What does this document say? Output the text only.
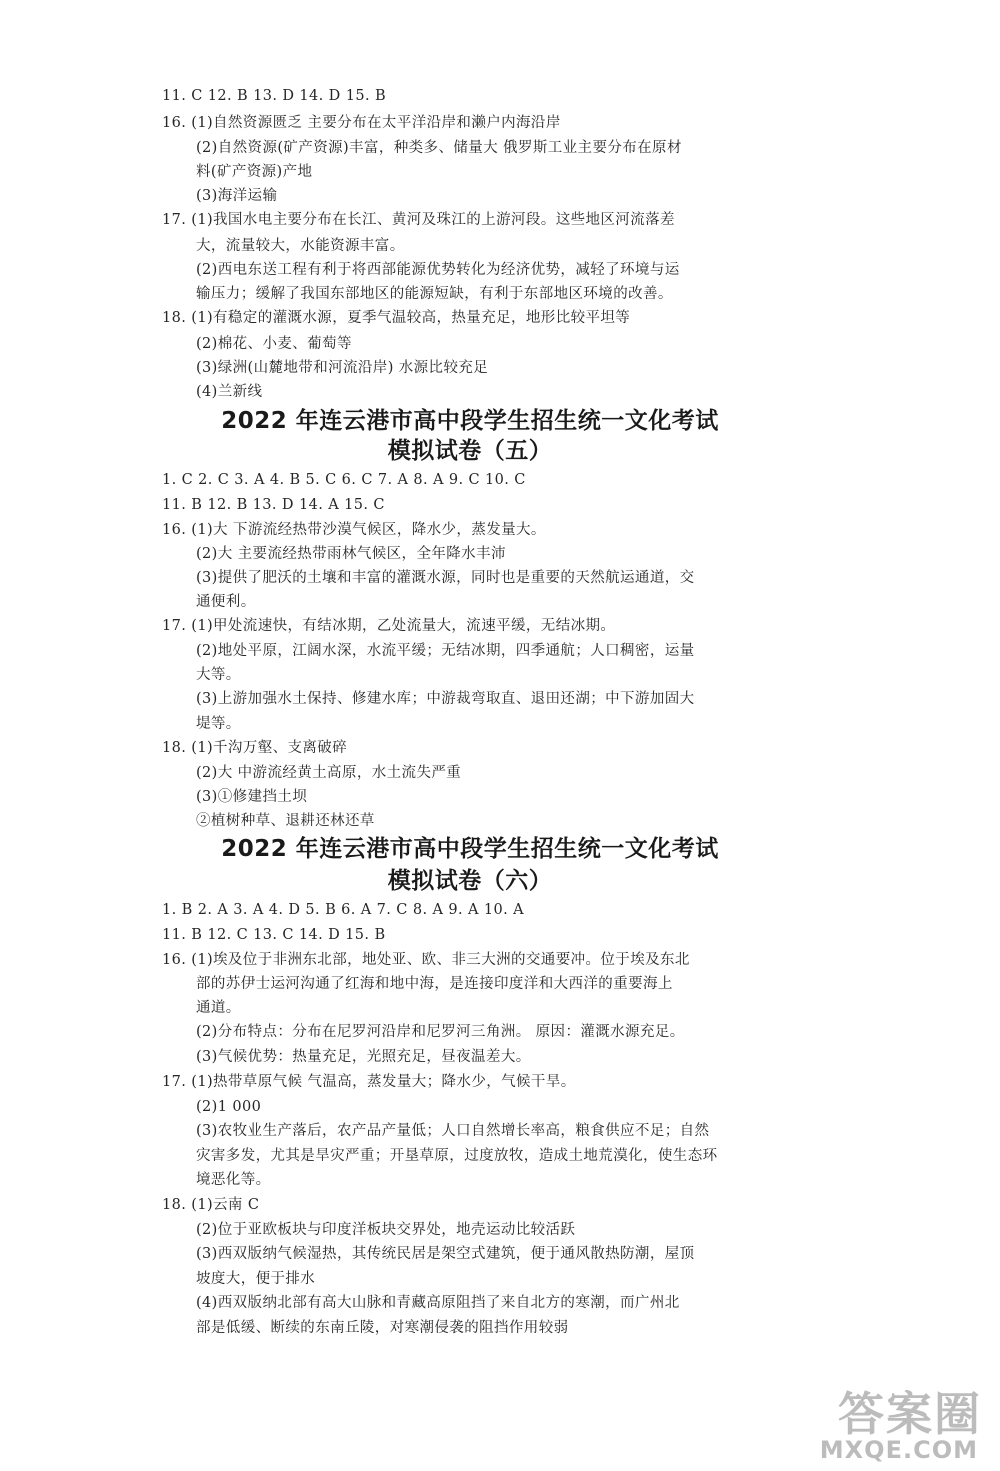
11. C 12. B 13. D 14. D 15. B
16. (1)自然资源匮乏 主要分布在太平洋沿岸和濑户内海沿岸
(2)自然资源(矿产资源)丰富，种类多、储量大 俄罗斯工业主要分布在原材
料(矿产资源)产地
(3)海洋运输
17. (1)我国水电主要分布在长江、黄河及珠江的上游河段。这些地区河流落差
大，流量较大，水能资源丰富。
(2)西电东送工程有利于将西部能源优势转化为经济优势，减轻了环境与运
输压力；缓解了我国东部地区的能源短缺，有利于东部地区环境的改善。
18. (1)有稳定的灌溉水源，夏季气温较高，热量充足，地形比较平坦等
(2)棉花、小麦、葡萄等
(3)绿洲(山麓地带和河流沿岸) 水源比较充足
(4)兰新线
2022 年连云港市高中段学生招生统一文化考试
模拟试卷（五）
1. C 2. C 3. A 4. B 5. C 6. C 7. A 8. A 9. C 10. C
11. B 12. B 13. D 14. A 15. C
16. (1)大 下游流经热带沙漠气候区，降水少，蒸发量大。
(2)大 主要流经热带雨林气候区，全年降水丰沛
(3)提供了肥沃的土壤和丰富的灌溉水源，同时也是重要的天然航运通道，交
通便利。
17. (1)甲处流速快，有结冰期，乙处流量大，流速平缓，无结冰期。
(2)地处平原，江阔水深，水流平缓；无结冰期，四季通航；人口稠密，运量
大等。
(3)上游加强水土保持、修建水库；中游裁弯取直、退田还湖；中下游加固大
堤等。
18. (1)千沟万壑、支离破碎
(2)大 中游流经黄土高原，水土流失严重
(3)①修建挡土坝
②植树种草、退耕还林还草
2022 年连云港市高中段学生招生统一文化考试
模拟试卷（六）
1. B 2. A 3. A 4. D 5. B 6. A 7. C 8. A 9. A 10. A
11. B 12. C 13. C 14. D 15. B
16. (1)埃及位于非洲东北部，地处亚、欧、非三大洲的交通要冲。位于埃及东北
部的苏伊士运河沟通了红海和地中海，是连接印度洋和大西洋的重要海上
通道。
(2)分布特点：分布在尼罗河沿岸和尼罗河三角洲。 原因：灌溉水源充足。
(3)气候优势：热量充足，光照充足，昼夜温差大。
17. (1)热带草原气候 气温高，蒸发量大；降水少，气候干旱。
(2)1 000
(3)农牧业生产落后，农产品产量低；人口自然增长率高，粮食供应不足；自然
灾害多发，尤其是旱灾严重；开垦草原，过度放牧，造成土地荒漠化，使生态环
境恶化等。
18. (1)云南 C
(2)位于亚欧板块与印度洋板块交界处，地壳运动比较活跃
(3)西双版纳气候湿热，其传统民居是架空式建筑，便于通风散热防潮，屋顶
坡度大，便于排水
(4)西双版纳北部有高大山脉和青藏高原阻挡了来自北方的寒潮，而广州北
部是低缓、断续的东南丘陵，对寒潮侵袭的阻挡作用较弱
答案圈
MXQE.COM
